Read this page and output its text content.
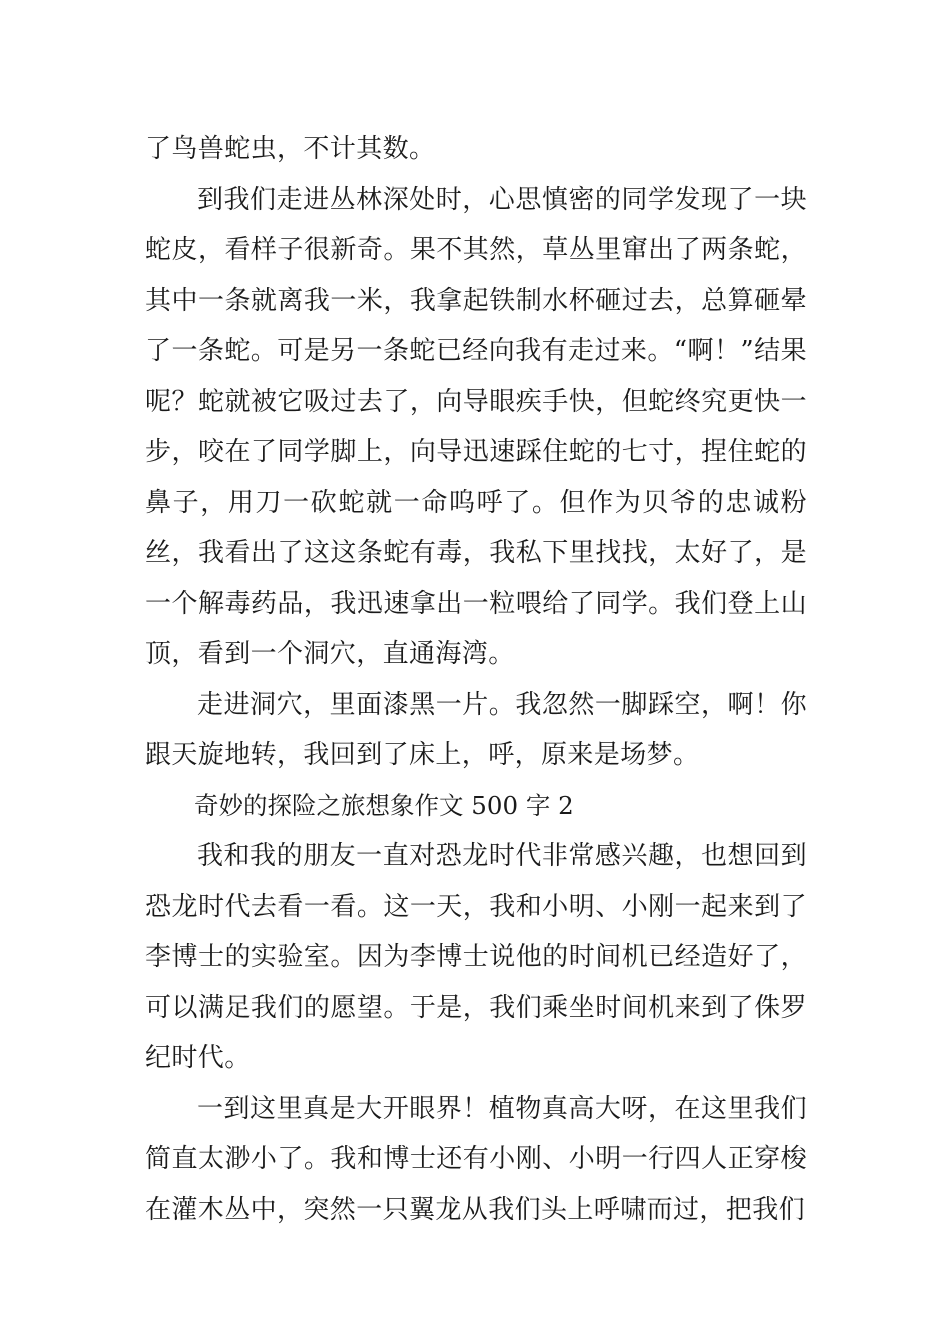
了鸟兽蛇虫，不计其数。

到我们走进丛林深处时，心思慎密的同学发现了一块蛇皮，看样子很新奇。果不其然，草丛里窜出了两条蛇，其中一条就离我一米，我拿起铁制水杯砸过去，总算砸晕了一条蛇。可是另一条蛇已经向我有走过来。“啊！”结果呢？蛇就被它吸过去了，向导眼疾手快，但蛇终究更快一步，咬在了同学脚上，向导迅速踩住蛇的七寸，捏住蛇的鼻子，用刀一砍蛇就一命呜呼了。但作为贝爷的忠诚粉丝，我看出了这这条蛇有毒，我私下里找找，太好了，是一个解毒药品，我迅速拿出一粒喂给了同学。我们登上山顶，看到一个洞穴，直通海湾。

走进洞穴，里面漆黑一片。我忽然一脚踩空，啊！你跟天旋地转，我回到了床上，呼，原来是场梦。

奇妙的探险之旅想象作文 500 字 2

我和我的朋友一直对恐龙时代非常感兴趣，也想回到恐龙时代去看一看。这一天，我和小明、小刚一起来到了李博士的实验室。因为李博士说他的时间机已经造好了，可以满足我们的愿望。于是，我们乘坐时间机来到了侏罗纪时代。

一到这里真是大开眼界！植物真高大呀，在这里我们简直太渺小了。我和博士还有小刚、小明一行四人正穿梭在灌木丛中，突然一只翼龙从我们头上呼啸而过，把我们
